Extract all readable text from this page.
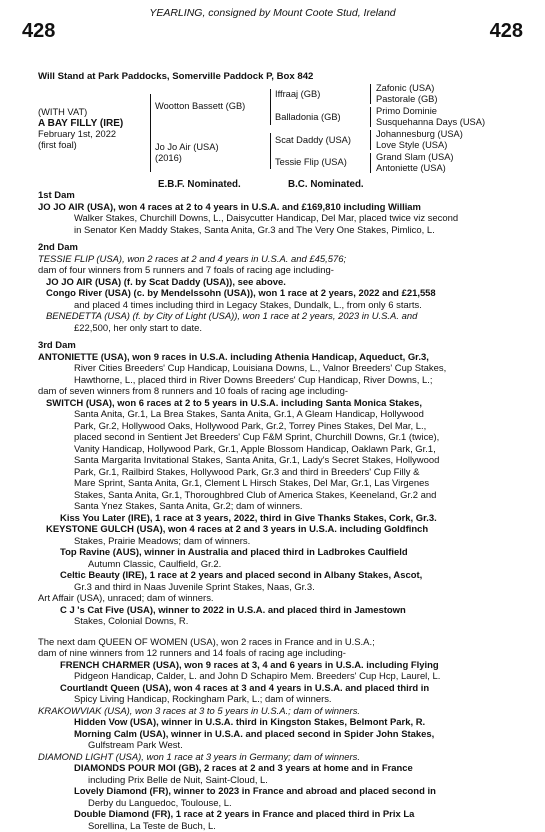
YEARLING, consigned by Mount Coote Stud, Ireland
428	428
Will Stand at Park Paddocks, Somerville Paddock P, Box 842
(WITH VAT)
A BAY FILLY (IRE)
February 1st, 2022
(first foal)
Wootton Bassett (GB)
Jo Jo Air (USA)
(2016)
Iffraaj (GB)
Balladonia (GB)
Scat Daddy (USA)
Tessie Flip (USA)
Zafonic (USA)
Pastorale (GB)
Primo Dominie
Susquehanna Days (USA)
Johannesburg (USA)
Love Style (USA)
Grand Slam (USA)
Antoniette (USA)
E.B.F. Nominated.	B.C. Nominated.

1st Dam

JO JO AIR (USA), won 4 races at 2 to 4 years in U.S.A. and £169,810 including William

Walker Stakes, Churchill Downs, L., Daisycutter Handicap, Del Mar, placed twice viz second

in Senator Ken Maddy Stakes, Santa Anita, Gr.3 and The Very One Stakes, Pimlico, L.

2nd Dam

TESSIE FLIP (USA), won 2 races at 2 and 4 years in U.S.A. and £45,576;

dam of four winners from 5 runners and 7 foals of racing age including-

JO JO AIR (USA) (f. by Scat Daddy (USA)), see above.

Congo River (USA) (c. by Mendelssohn (USA)), won 1 race at 2 years, 2022 and £21,558

and placed 4 times including third in Legacy Stakes, Dundalk, L., from only 6 starts.

BENEDETTA (USA) (f. by City of Light (USA)), won 1 race at 2 years, 2023 in U.S.A. and

£22,500, her only start to date.

3rd Dam

ANTONIETTE (USA), won 9 races in U.S.A. including Athenia Handicap, Aqueduct, Gr.3,

River Cities Breeders' Cup Handicap, Louisiana Downs, L., Valnor Breeders' Cup Stakes,

Hawthorne, L., placed third in River Downs Breeders' Cup Handicap, River Downs, L.;

dam of seven winners from 8 runners and 10 foals of racing age including-

SWITCH (USA), won 6 races at 2 to 5 years in U.S.A. including Santa Monica Stakes,

Santa Anita, Gr.1, La Brea Stakes, Santa Anita, Gr.1, A Gleam Handicap, Hollywood

Park, Gr.2, Hollywood Oaks, Hollywood Park, Gr.2, Torrey Pines Stakes, Del Mar, L.,

placed second in Sentient Jet Breeders' Cup F&M Sprint, Churchill Downs, Gr.1 (twice),

Vanity Handicap, Hollywood Park, Gr.1, Apple Blossom Handicap, Oaklawn Park, Gr.1,

Santa Margarita Invitational Stakes, Santa Anita, Gr.1, Lady's Secret Stakes, Hollywood

Park, Gr.1, Railbird Stakes, Hollywood Park, Gr.3 and third in Breeders' Cup Filly &

Mare Sprint, Santa Anita, Gr.1, Clement L Hirsch Stakes, Del Mar, Gr.1, Las Virgenes

Stakes, Santa Anita, Gr.1, Thoroughbred Club of America Stakes, Keeneland, Gr.2 and

Santa Ynez Stakes, Santa Anita, Gr.2; dam of winners.

Kiss You Later (IRE), 1 race at 3 years, 2022, third in Give Thanks Stakes, Cork, Gr.3.

KEYSTONE GULCH (USA), won 4 races at 2 and 3 years in U.S.A. including Goldfinch

Stakes, Prairie Meadows; dam of winners.

Top Ravine (AUS), winner in Australia and placed third in Ladbrokes Caulfield

Autumn Classic, Caulfield, Gr.2.

Celtic Beauty (IRE), 1 race at 2 years and placed second in Albany Stakes, Ascot,

Gr.3 and third in Naas Juvenile Sprint Stakes, Naas, Gr.3.

Art Affair (USA), unraced; dam of winners.

C J 's Cat Five (USA), winner to 2022 in U.S.A. and placed third in Jamestown

Stakes, Colonial Downs, R.

The next dam QUEEN OF WOMEN (USA), won 2 races in France and in U.S.A.;

dam of nine winners from 12 runners and 14 foals of racing age including-

FRENCH CHARMER (USA), won 9 races at 3, 4 and 6 years in U.S.A. including Flying

Pidgeon Handicap, Calder, L. and John D Schapiro Mem. Breeders' Cup Hcp, Laurel, L.

Courtlandt Queen (USA), won 4 races at 3 and 4 years in U.S.A. and placed third in

Spicy Living Handicap, Rockingham Park, L.; dam of winners.

KRAKOWVIAK (USA), won 3 races at 3 to 5 years in U.S.A.; dam of winners.

Hidden Vow (USA), winner in U.S.A. third in Kingston Stakes, Belmont Park, R.

Morning Calm (USA), winner in U.S.A. and placed second in Spider John Stakes,

Gulfstream Park West.

DIAMOND LIGHT (USA), won 1 race at 3 years in Germany; dam of winners.

DIAMONDS POUR MOI (GB), 2 races at 2 and 3 years at home and in France

including Prix Belle de Nuit, Saint-Cloud, L.

Lovely Diamond (FR), winner to 2023 in France and abroad and placed second in

Derby du Languedoc, Toulouse, L.

Double Diamond (FR), 1 race at 2 years in France and placed third in Prix La

Sorellina, La Teste de Buch, L.
